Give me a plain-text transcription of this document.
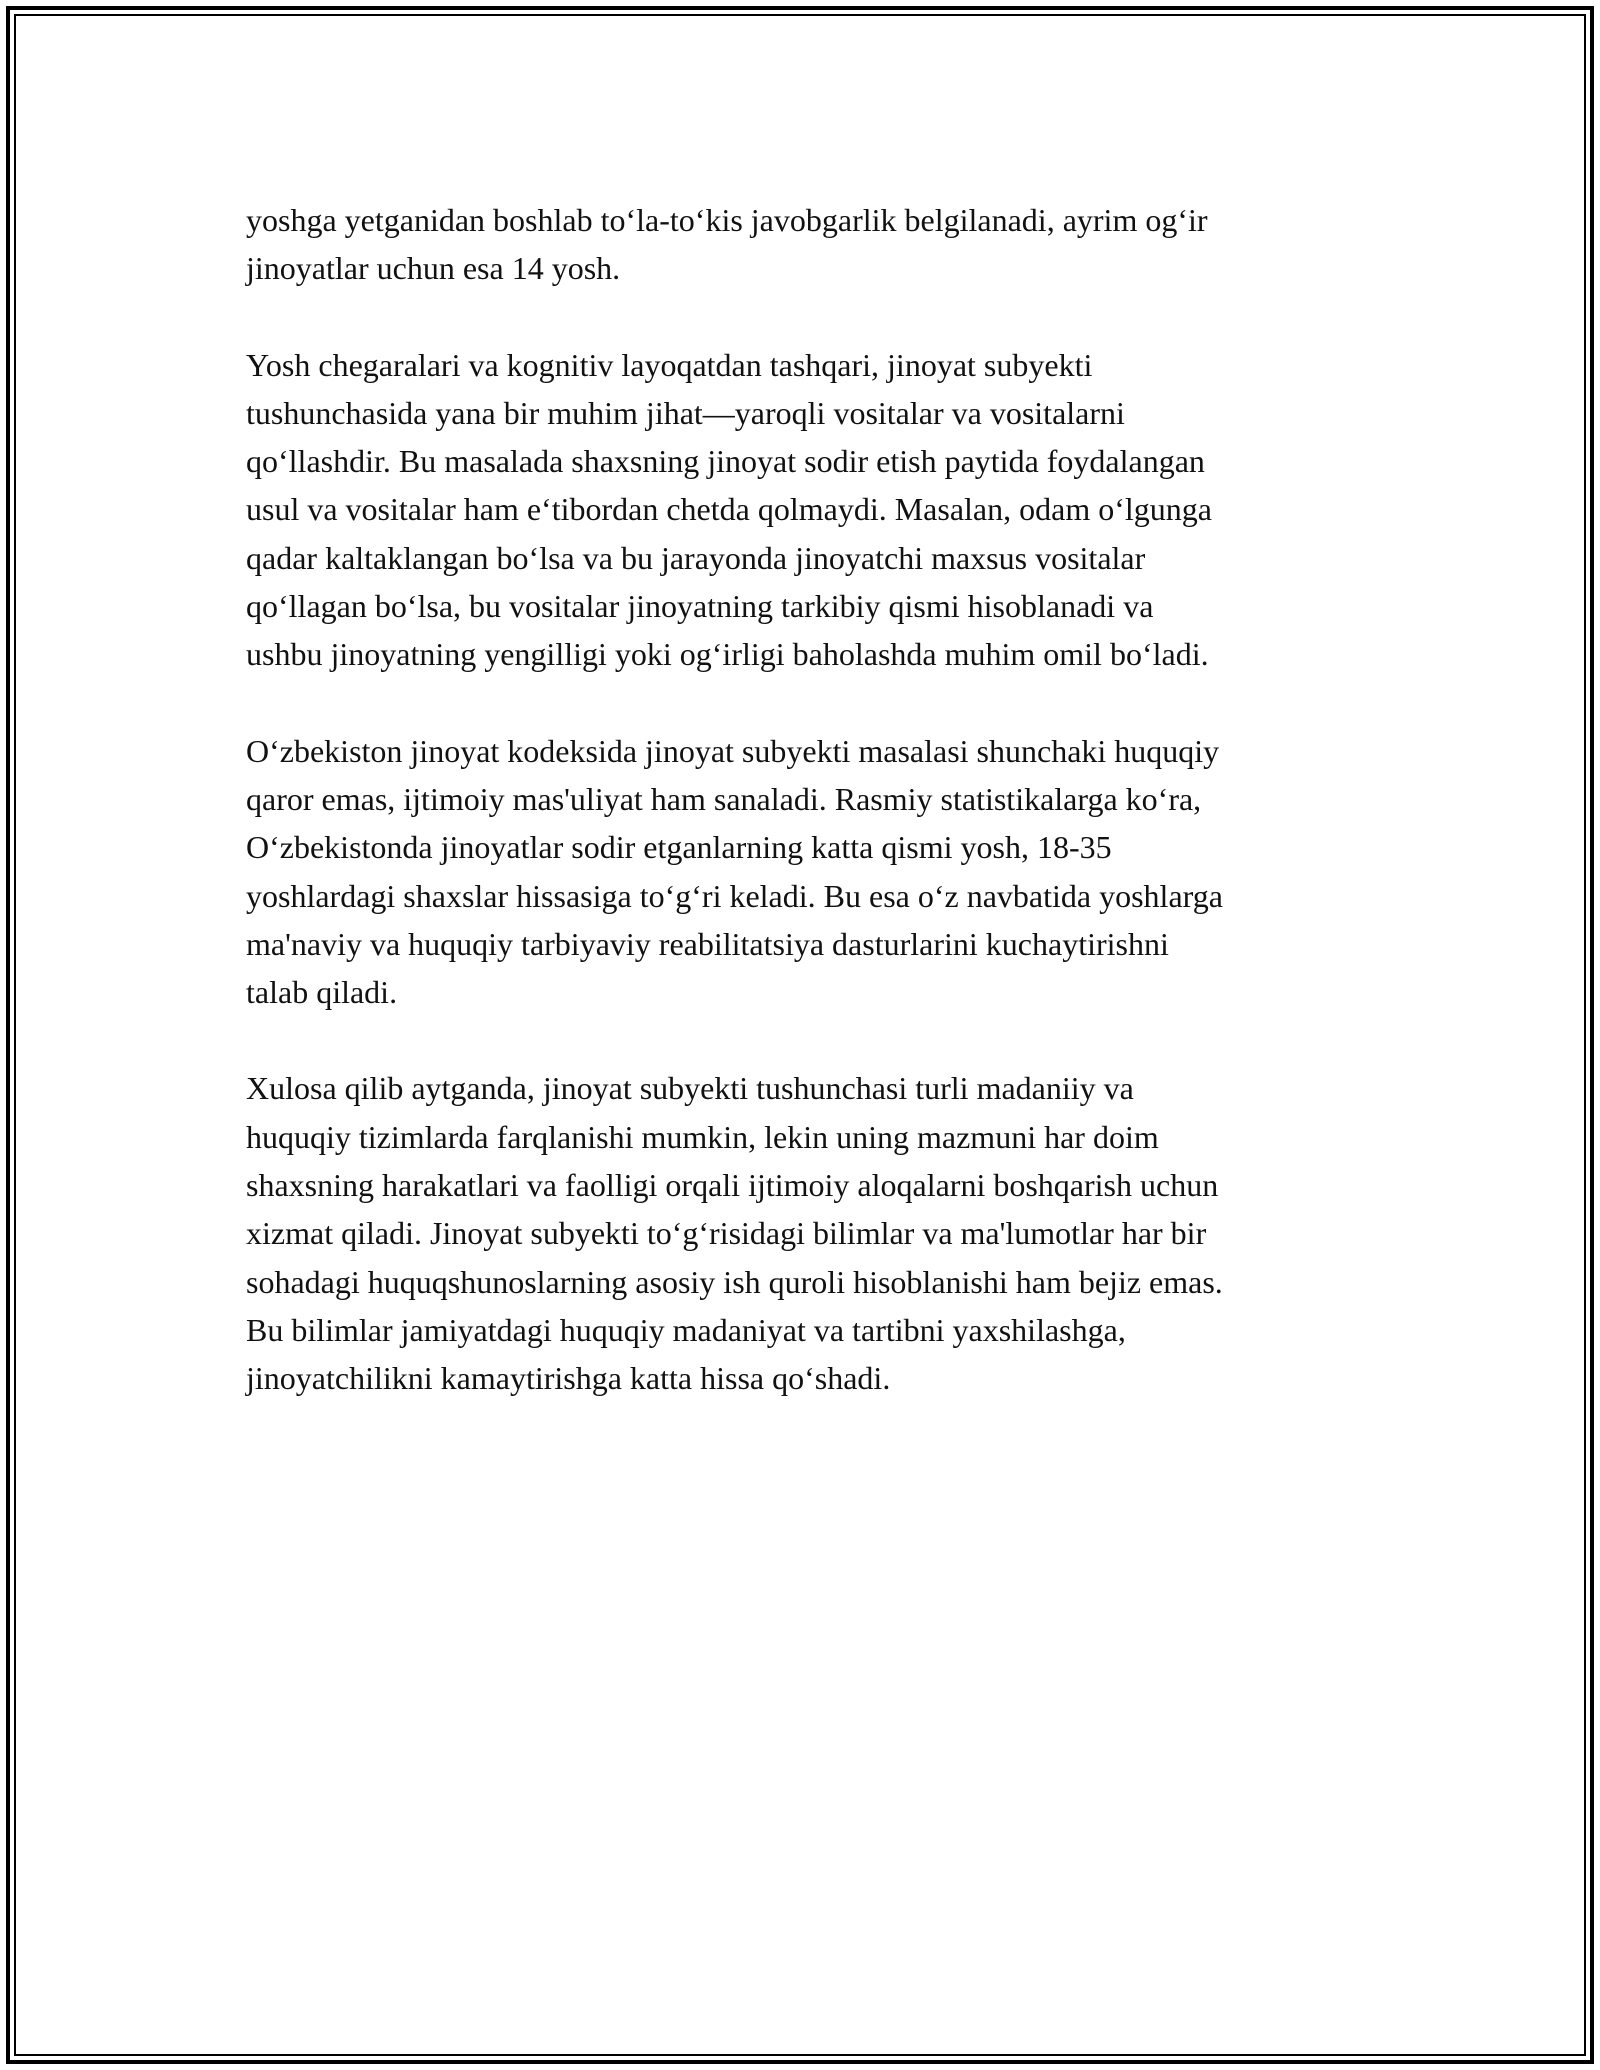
yoshga yetganidan boshlab to‘la-to‘kis javobgarlik belgilanadi, ayrim og‘ir
jinoyatlar uchun esa 14 yosh.

Yosh chegaralari va kognitiv layoqatdan tashqari, jinoyat subyekti
tushunchasida yana bir muhim jihat—yaroqli vositalar va vositalarni
qo‘llashdir. Bu masalada shaxsning jinoyat sodir etish paytida foydalangan
usul va vositalar ham e‘tibordan chetda qolmaydi. Masalan, odam o‘lgunga
qadar kaltaklangan bo‘lsa va bu jarayonda jinoyatchi maxsus vositalar
qo‘llagan bo‘lsa, bu vositalar jinoyatning tarkibiy qismi hisoblanadi va
ushbu jinoyatning yengilligi yoki og‘irligi baholashda muhim omil bo‘ladi.

O‘zbekiston jinoyat kodeksida jinoyat subyekti masalasi shunchaki huquqiy
qaror emas, ijtimoiy mas'uliyat ham sanaladi. Rasmiy statistikalarga ko‘ra,
O‘zbekistonda jinoyatlar sodir etganlarning katta qismi yosh, 18-35
yoshlardagi shaxslar hissasiga to‘g‘ri keladi. Bu esa o‘z navbatida yoshlarga
ma'naviy va huquqiy tarbiyaviy reabilitatsiya dasturlarini kuchaytirishni
talab qiladi.

Xulosa qilib aytganda, jinoyat subyekti tushunchasi turli madaniiy va
huquqiy tizimlarda farqlanishi mumkin, lekin uning mazmuni har doim
shaxsning harakatlari va faolligi orqali ijtimoiy aloqalarni boshqarish uchun
xizmat qiladi. Jinoyat subyekti to‘g‘risidagi bilimlar va ma'lumotlar har bir
sohadagi huquqshunoslarning asosiy ish quroli hisoblanishi ham bejiz emas.
Bu bilimlar jamiyatdagi huquqiy madaniyat va tartibni yaxshilashga,
jinoyatchilikni kamaytirishga katta hissa qo‘shadi.
